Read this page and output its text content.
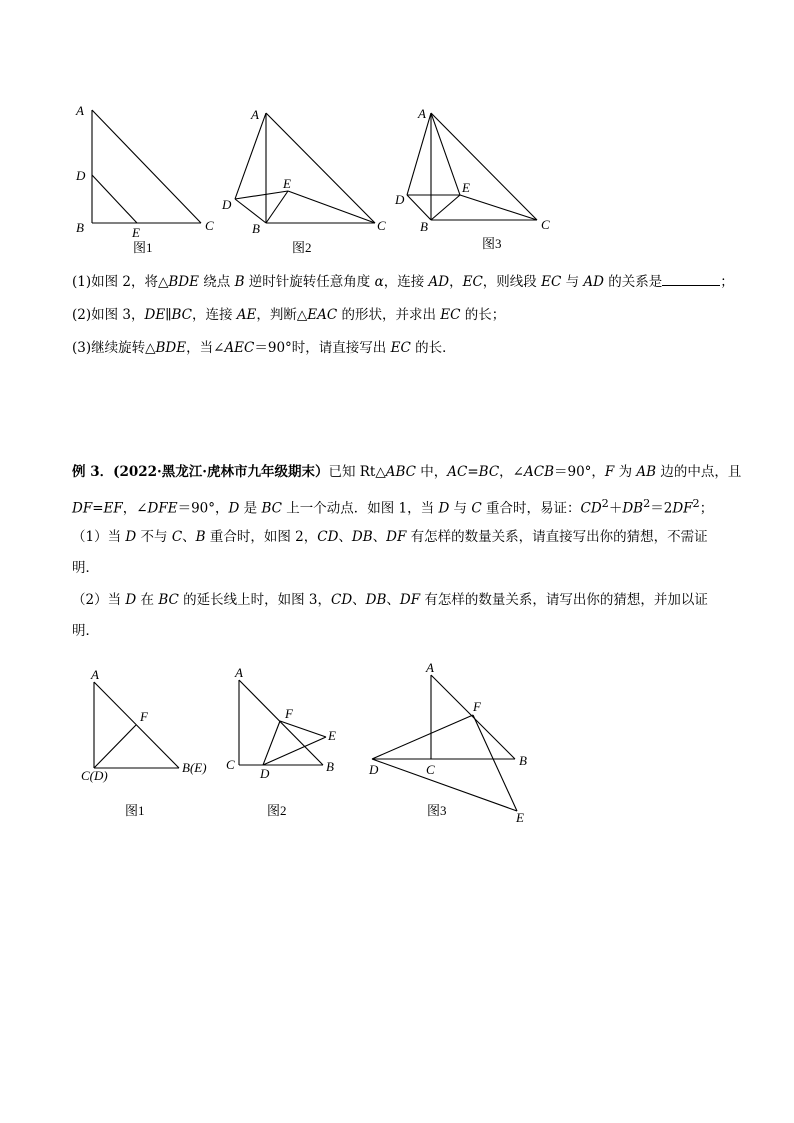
A
D
B	E	C
图1
A
E
D
B	C
图2
A
E
D
B	C
图3
(1)如图 2，将△BDE 绕点 B 逆时针旋转任意角度 α，连接 AD，EC，则线段 EC 与 AD 的关系是	；
(2)如图 3，DE∥BC，连接 AE，判断△EAC 的形状，并求出 EC 的长；
(3)继续旋转△BDE，当∠AEC＝90°时，请直接写出 EC 的长．
例 3．(2022·黑龙江·虎林市九年级期末）已知 Rt△ABC 中，AC=BC，∠ACB＝90°，F 为 AB 边的中点，且
DF=EF，∠DFE＝90°，D 是 BC 上一个动点．如图 1，当 D 与 C 重合时，易证：$CD^2+DB^2=2DF^2$；
（1）当 D 不与 C、B 重合时，如图 2，CD、DB、DF 有怎样的数量关系，请直接写出你的猜想，不需证
明．
（2）当 D 在 BC 的延长线上时，如图 3，CD、DB、DF 有怎样的数量关系，请写出你的猜想，并加以证
明．
A
F
C(D)
B(E)
图1
A
F
E
C
D	B
图2
A
F
B
D	C
E
图3
